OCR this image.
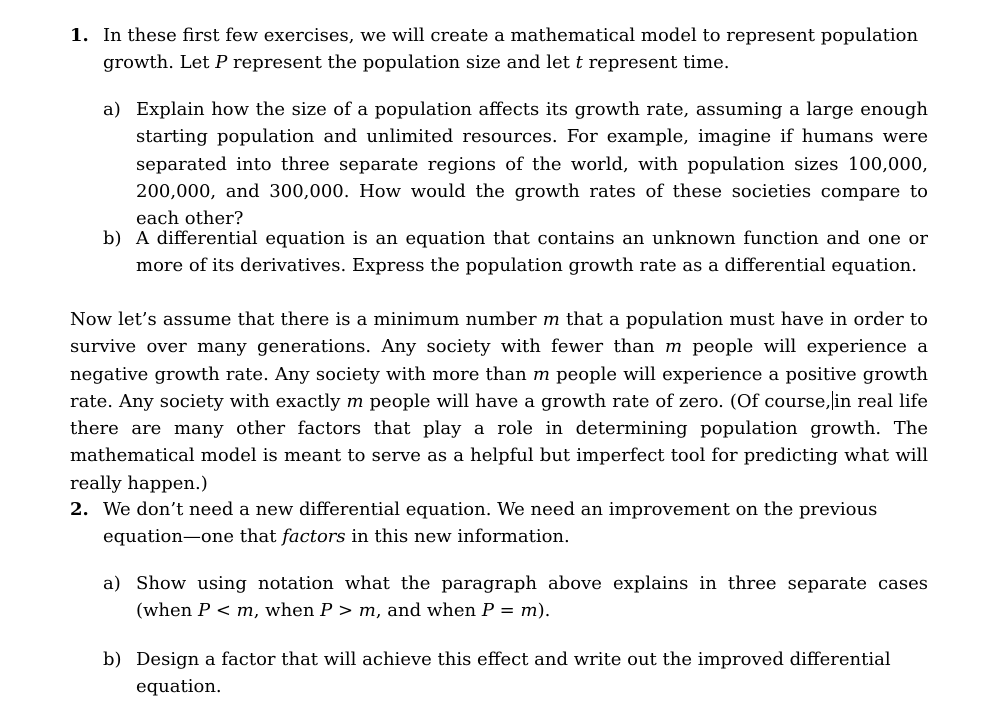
1. In these first few exercises, we will create a mathematical model to represent population growth. Let P represent the population size and let t represent time.

a) Explain how the size of a population affects its growth rate, assuming a large enough starting population and unlimited resources. For example, imagine if humans were separated into three separate regions of the world, with population sizes 100,000, 200,000, and 300,000. How would the growth rates of these societies compare to each other?

b) A differential equation is an equation that contains an unknown function and one or more of its derivatives. Express the population growth rate as a differential equation.

Now let’s assume that there is a minimum number m that a population must have in order to survive over many generations. Any society with fewer than m people will experience a negative growth rate. Any society with more than m people will experience a positive growth rate. Any society with exactly m people will have a growth rate of zero. (Of course, in real life there are many other factors that play a role in determining population growth. The mathematical model is meant to serve as a helpful but imperfect tool for predicting what will really happen.)

2. We don’t need a new differential equation. We need an improvement on the previous equation—one that factors in this new information.

a) Show using notation what the paragraph above explains in three separate cases (when P < m, when P > m, and when P = m).

b) Design a factor that will achieve this effect and write out the improved differential equation.
